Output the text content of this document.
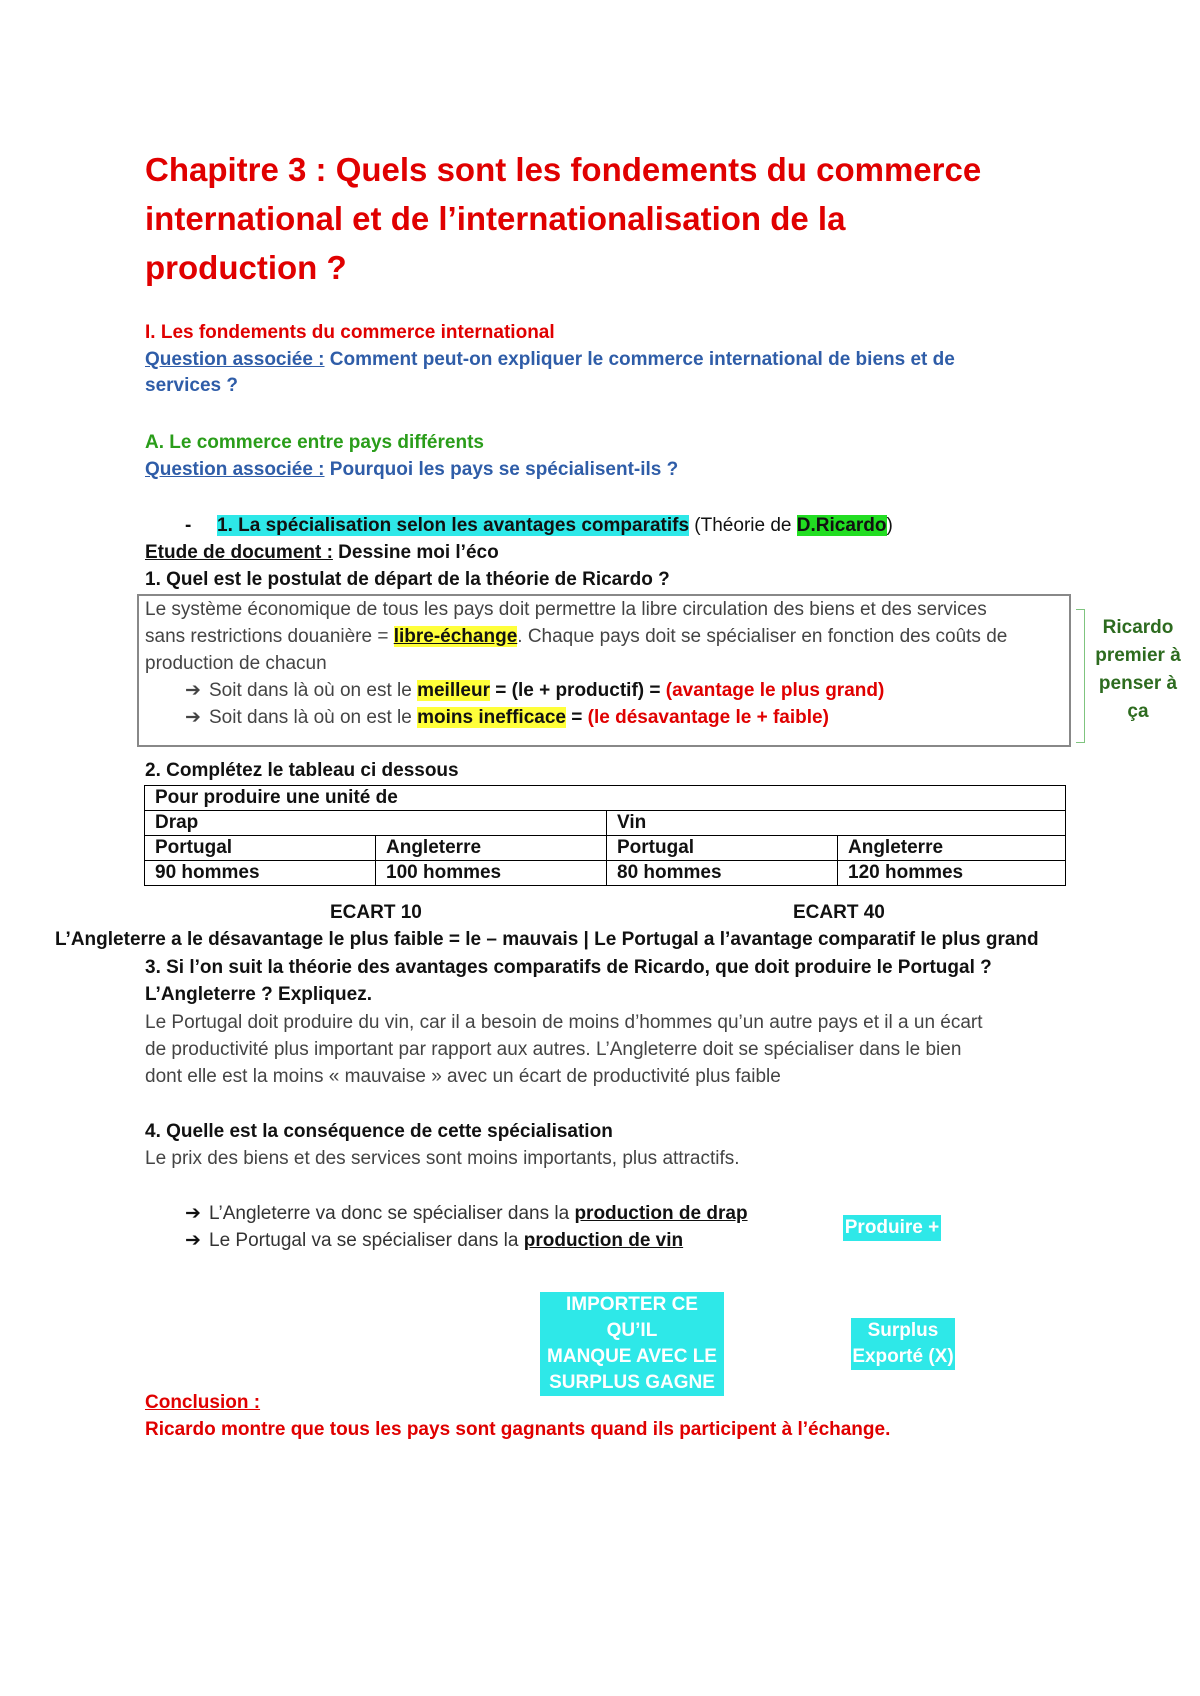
Chapitre 3 : Quels sont les fondements du commerce
international et de l’internationalisation de la
production ?
I. Les fondements du commerce international
Question associée : Comment peut-on expliquer le commerce international de biens et de
services ?
A. Le commerce entre pays différents
Question associée : Pourquoi les pays se spécialisent-ils ?
- 1. La spécialisation selon les avantages comparatifs (Théorie de D.Ricardo)
Etude de document : Dessine moi l’éco
1. Quel est le postulat de départ de la théorie de Ricardo ?
Le système économique de tous les pays doit permettre la libre circulation des biens et des services
sans restrictions douanière = libre-échange. Chaque pays doit se spécialiser en fonction des coûts de
production de chacun
➔ Soit dans là où on est le meilleur = (le + productif) = (avantage le plus grand)
➔ Soit dans là où on est le moins inefficace = (le désavantage le + faible)
Ricardo
premier à
penser à
ça
2. Complétez le tableau ci dessous
Pour produire une unité de			
Drap		Vin	
Portugal	Angleterre	Portugal	Angleterre
90 hommes	100 hommes	80 hommes	120 hommes
ECART 10	ECART 40
L’Angleterre a le désavantage le plus faible = le – mauvais | Le Portugal a l’avantage comparatif le plus grand
3. Si l’on suit la théorie des avantages comparatifs de Ricardo, que doit produire le Portugal ?
L’Angleterre ? Expliquez.
Le Portugal doit produire du vin, car il a besoin de moins d’hommes qu’un autre pays et il a un écart
de productivité plus important par rapport aux autres. L’Angleterre doit se spécialiser dans le bien
dont elle est la moins « mauvaise » avec un écart de productivité plus faible
4. Quelle est la conséquence de cette spécialisation
Le prix des biens et des services sont moins importants, plus attractifs.
➔ L’Angleterre va donc se spécialiser dans la production de drap
➔ Le Portugal va se spécialiser dans la production de vin
Produire +
IMPORTER CE QU’IL
MANQUE AVEC LE
SURPLUS GAGNE
Surplus
Exporté (X)
Conclusion :
Ricardo montre que tous les pays sont gagnants quand ils participent à l’échange.
